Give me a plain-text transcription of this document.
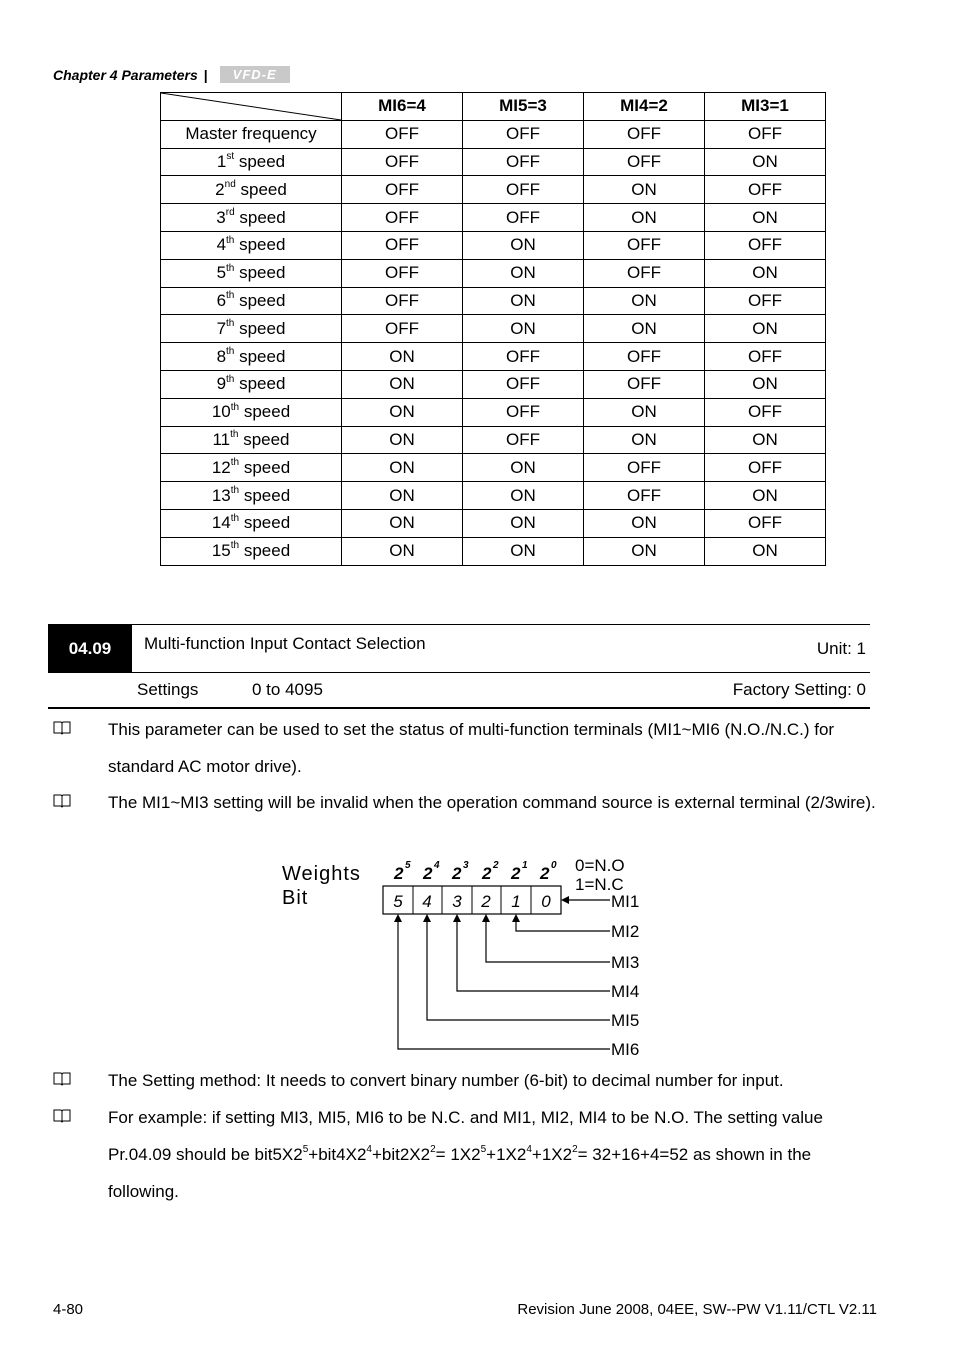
Chapter 4 Parameters |	VFD-E
	MI6=4	MI5=3	MI4=2	MI3=1
Master frequency	OFF	OFF	OFF	OFF
1st speed	OFF	OFF	OFF	ON
2nd speed	OFF	OFF	ON	OFF
3rd speed	OFF	OFF	ON	ON
4th speed	OFF	ON	OFF	OFF
5th speed	OFF	ON	OFF	ON
6th speed	OFF	ON	ON	OFF
7th speed	OFF	ON	ON	ON
8th speed	ON	OFF	OFF	OFF
9th speed	ON	OFF	OFF	ON
10th speed	ON	OFF	ON	OFF
11th speed	ON	OFF	ON	ON
12th speed	ON	ON	OFF	OFF
13th speed	ON	ON	OFF	ON
14th speed	ON	ON	ON	OFF
15th speed	ON	ON	ON	ON
04.09	Multi-function Input Contact Selection	Unit: 1
Settings	0 to 4095	Factory Setting: 0
This parameter can be used to set the status of multi-function terminals (MI1~MI6 (N.O./N.C.) for standard AC motor drive).
The MI1~MI3 setting will be invalid when the operation command source is external terminal (2/3wire).
Weights
Bit
2 5 2 4 2 3 2 2 2 1 2 0 0=N.O
1=N.C
5 4 3 2 1 0	MI1
MI2
MI3
MI4
MI5
MI6
The Setting method: It needs to convert binary number (6-bit) to decimal number for input.
For example: if setting MI3, MI5, MI6 to be N.C. and MI1, MI2, MI4 to be N.O. The setting value Pr.04.09 should be $bit5X2^5+bit4X2^4+bit2X2^2= 1X2^5+1X2^4+1X2^2= 32+16+4=52$ as shown in the following.
4-80	Revision June 2008, 04EE, SW--PW V1.11/CTL V2.11
